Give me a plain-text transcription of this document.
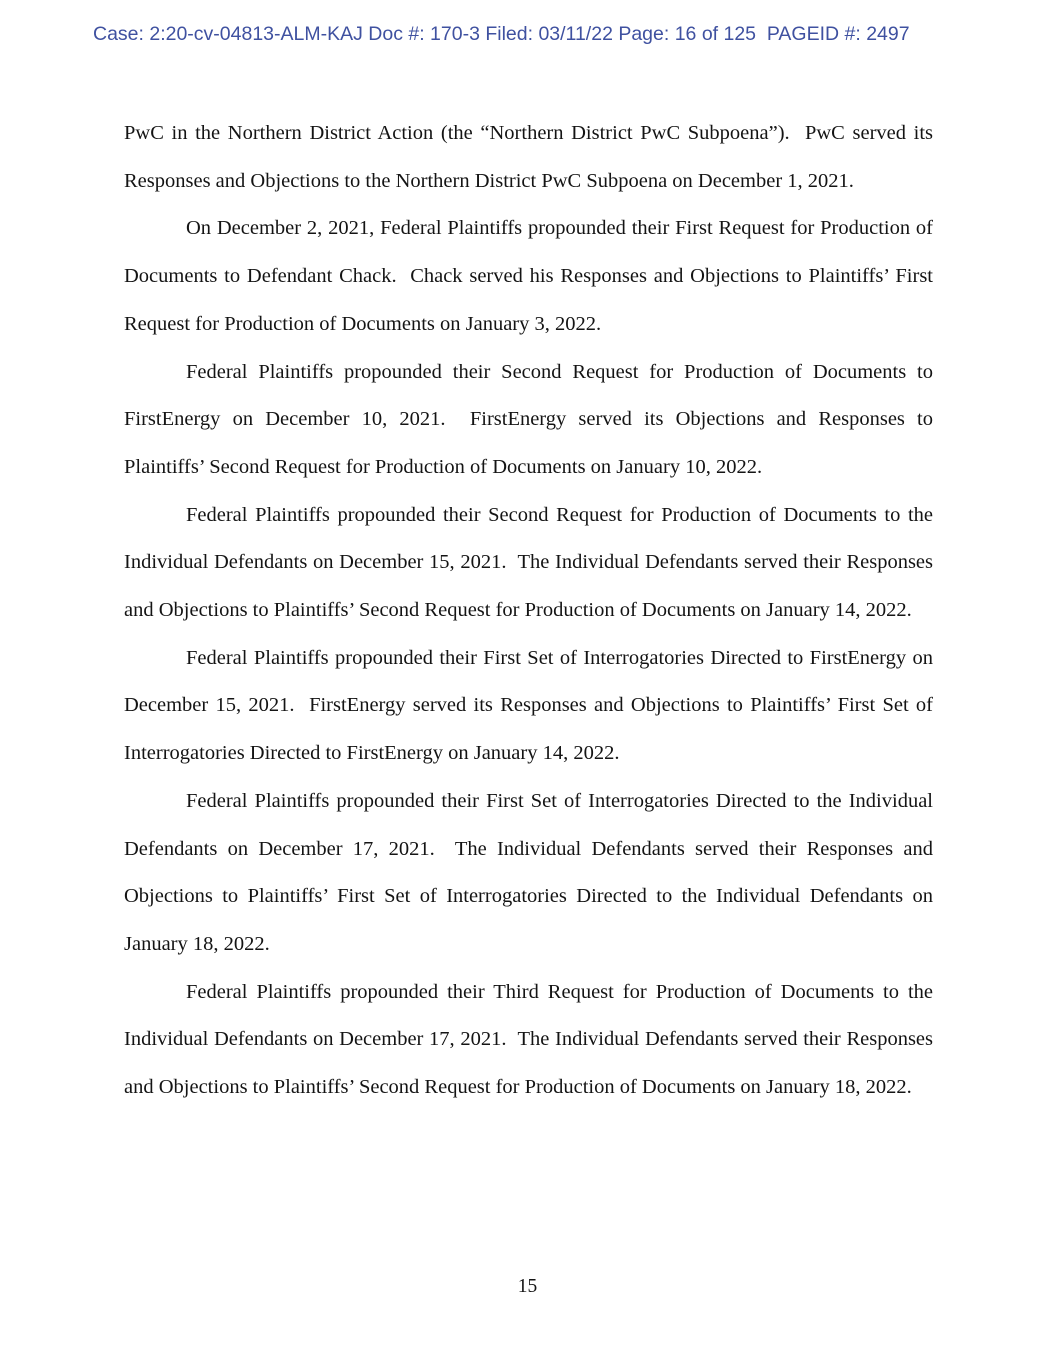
Case: 2:20-cv-04813-ALM-KAJ Doc #: 170-3 Filed: 03/11/22 Page: 16 of 125  PAGEID #: 2497

PwC in the Northern District Action (the “Northern District PwC Subpoena”).  PwC served its Responses and Objections to the Northern District PwC Subpoena on December 1, 2021.

On December 2, 2021, Federal Plaintiffs propounded their First Request for Production of Documents to Defendant Chack.  Chack served his Responses and Objections to Plaintiffs’ First Request for Production of Documents on January 3, 2022.

Federal Plaintiffs propounded their Second Request for Production of Documents to FirstEnergy on December 10, 2021.  FirstEnergy served its Objections and Responses to Plaintiffs’ Second Request for Production of Documents on January 10, 2022.

Federal Plaintiffs propounded their Second Request for Production of Documents to the Individual Defendants on December 15, 2021.  The Individual Defendants served their Responses and Objections to Plaintiffs’ Second Request for Production of Documents on January 14, 2022.

Federal Plaintiffs propounded their First Set of Interrogatories Directed to FirstEnergy on December 15, 2021.  FirstEnergy served its Responses and Objections to Plaintiffs’ First Set of Interrogatories Directed to FirstEnergy on January 14, 2022.

Federal Plaintiffs propounded their First Set of Interrogatories Directed to the Individual Defendants on December 17, 2021.  The Individual Defendants served their Responses and Objections to Plaintiffs’ First Set of Interrogatories Directed to the Individual Defendants on January 18, 2022.

Federal Plaintiffs propounded their Third Request for Production of Documents to the Individual Defendants on December 17, 2021.  The Individual Defendants served their Responses and Objections to Plaintiffs’ Second Request for Production of Documents on January 18, 2022.

15
